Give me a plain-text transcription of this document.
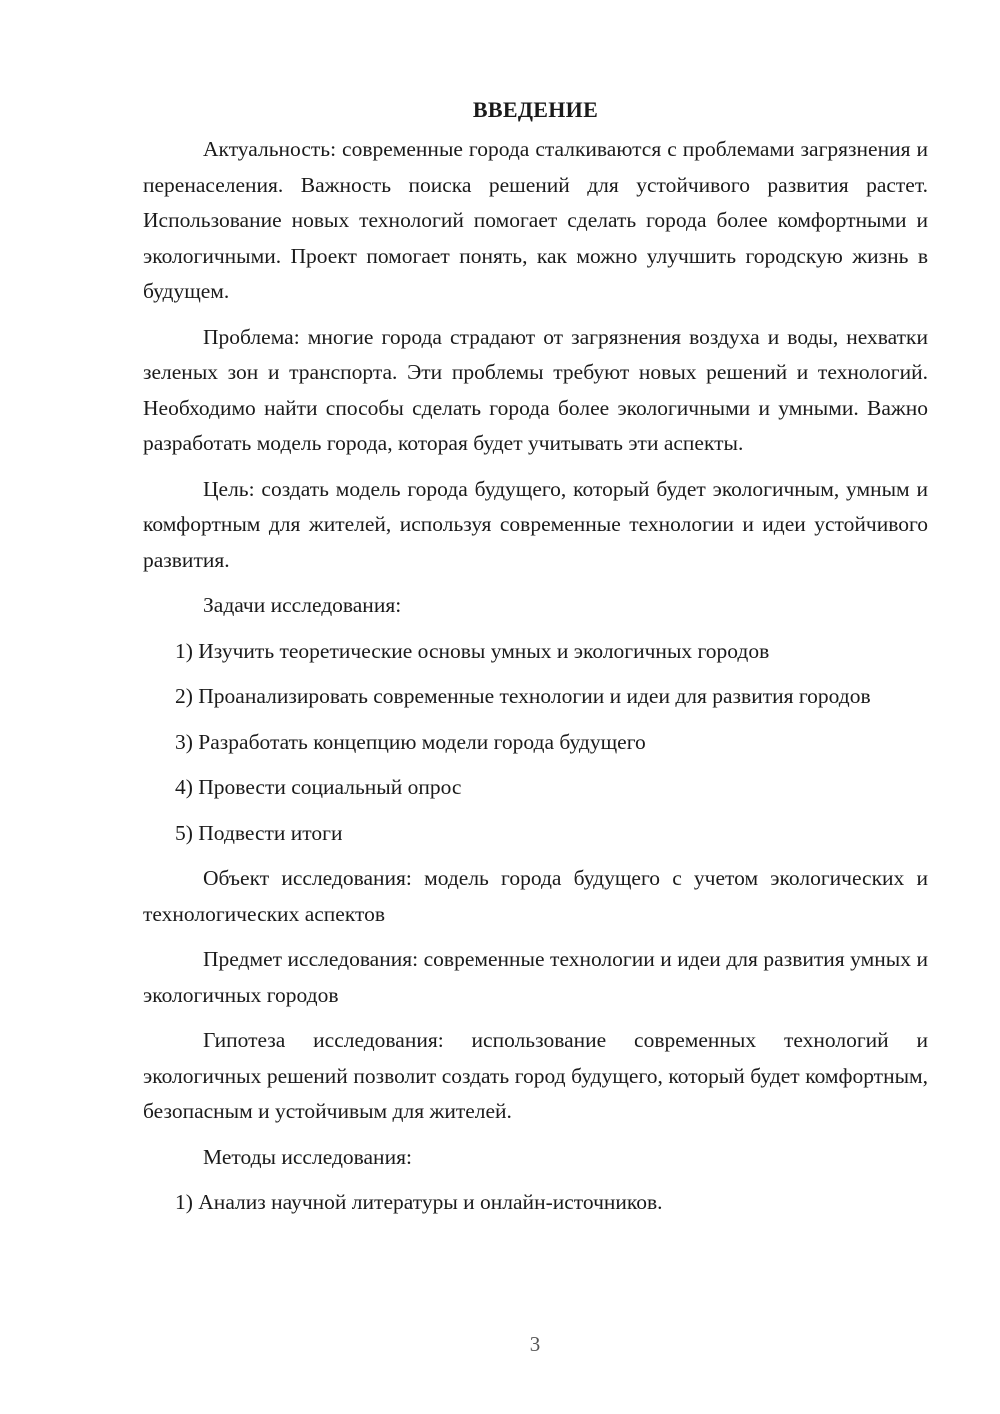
ВВЕДЕНИЕ

Актуальность: современные города сталкиваются с проблемами загрязнения и перенаселения. Важность поиска решений для устойчивого развития растет. Использование новых технологий помогает сделать города более комфортными и экологичными. Проект помогает понять, как можно улучшить городскую жизнь в будущем.

Проблема: многие города страдают от загрязнения воздуха и воды, нехватки зеленых зон и транспорта. Эти проблемы требуют новых решений и технологий. Необходимо найти способы сделать города более экологичными и умными. Важно разработать модель города, которая будет учитывать эти аспекты.

Цель: создать модель города будущего, который будет экологичным, умным и комфортным для жителей, используя современные технологии и идеи устойчивого развития.

Задачи исследования:

1) Изучить теоретические основы умных и экологичных городов

2) Проанализировать современные технологии и идеи для развития городов

3) Разработать концепцию модели города будущего

4) Провести социальный опрос

5) Подвести итоги

Объект исследования: модель города будущего с учетом экологических и технологических аспектов

Предмет исследования: современные технологии и идеи для развития умных и экологичных городов

Гипотеза исследования: использование современных технологий и экологичных решений позволит создать город будущего, который будет комфортным, безопасным и устойчивым для жителей.

Методы исследования:

1) Анализ научной литературы и онлайн-источников.

3
